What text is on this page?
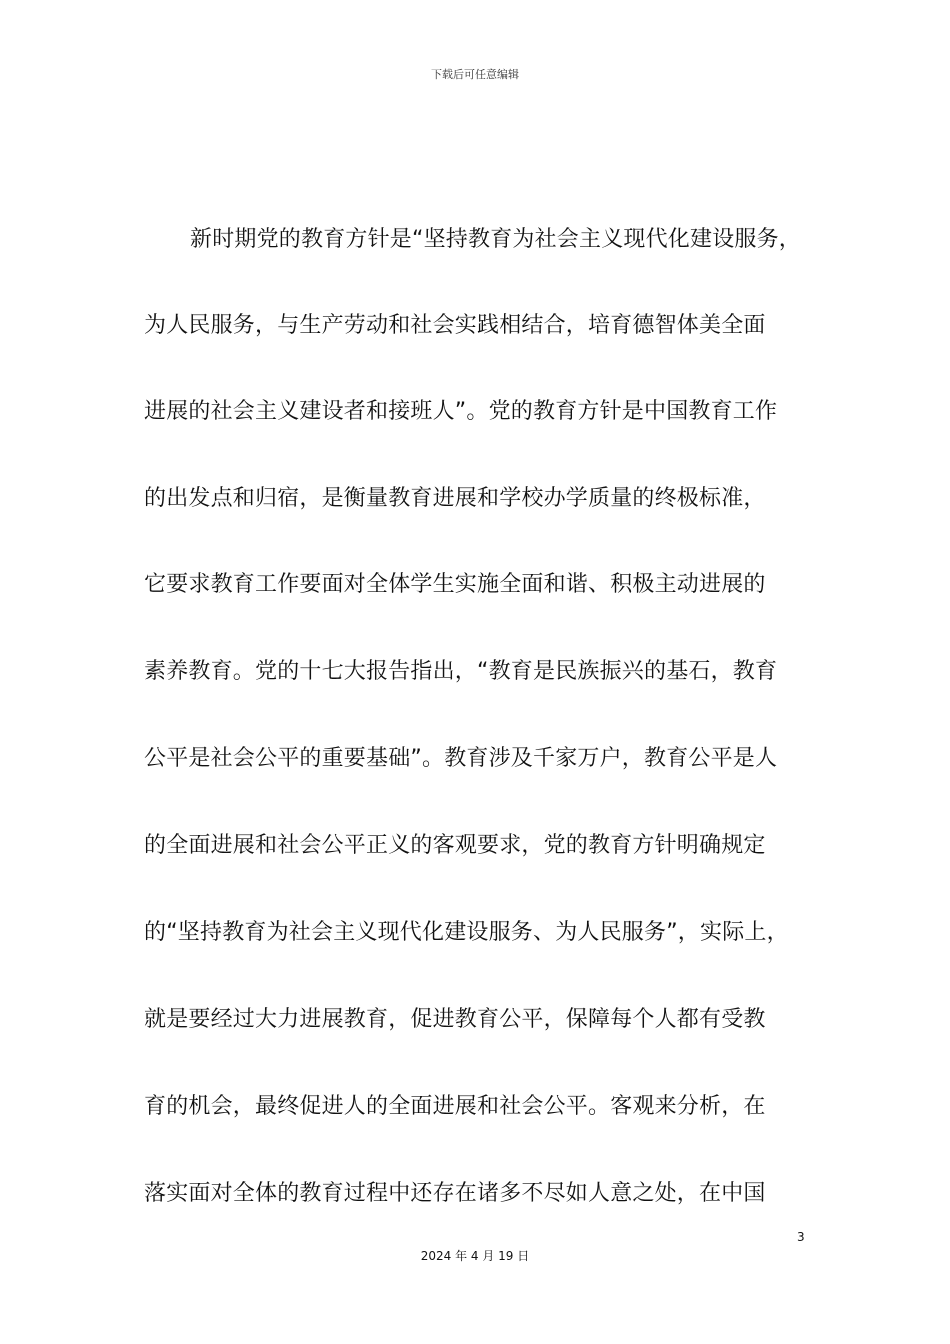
下载后可任意编辑
新时期党的教育方针是“坚持教育为社会主义现代化建设服务，
为人民服务，与生产劳动和社会实践相结合，培育德智体美全面
进展的社会主义建设者和接班人”。党的教育方针是中国教育工作
的出发点和归宿，是衡量教育进展和学校办学质量的终极标准，
它要求教育工作要面对全体学生实施全面和谐、积极主动进展的
素养教育。党的十七大报告指出，“教育是民族振兴的基石，教育
公平是社会公平的重要基础”。教育涉及千家万户，教育公平是人
的全面进展和社会公平正义的客观要求，党的教育方针明确规定
的“坚持教育为社会主义现代化建设服务、为人民服务”，实际上，
就是要经过大力进展教育，促进教育公平，保障每个人都有受教
育的机会，最终促进人的全面进展和社会公平。客观来分析，在
落实面对全体的教育过程中还存在诸多不尽如人意之处，在中国
3
2024 年 4 月 19 日
